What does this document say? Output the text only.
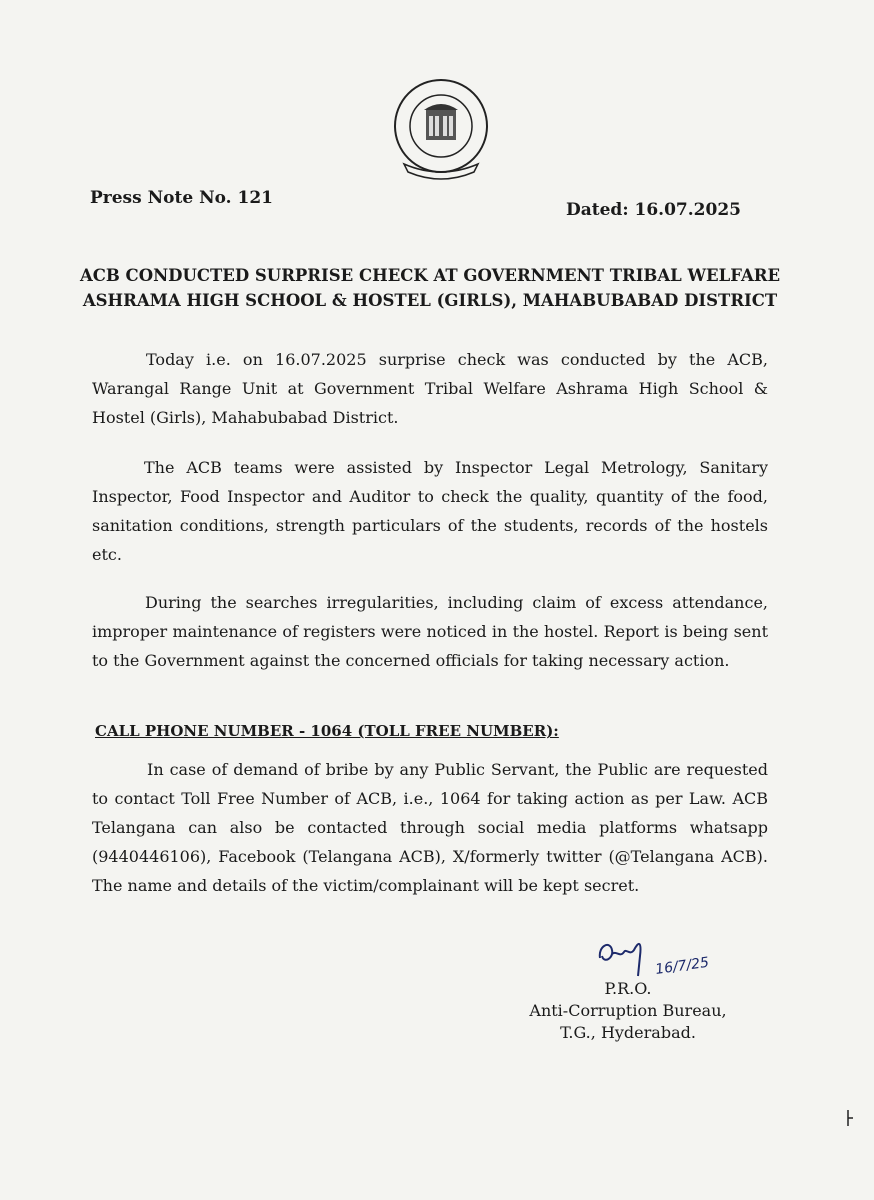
Press Note No. 121
Dated: 16.07.2025
ACB CONDUCTED SURPRISE CHECK AT GOVERNMENT TRIBAL WELFARE
ASHRAMA HIGH SCHOOL & HOSTEL (GIRLS), MAHABUBABAD DISTRICT

Today i.e. on 16.07.2025 surprise check was conducted by the ACB, Warangal Range Unit at Government Tribal Welfare Ashrama High School & Hostel (Girls), Mahabubabad District.

The ACB teams were assisted by Inspector Legal Metrology, Sanitary Inspector, Food Inspector and Auditor to check the quality, quantity of the food, sanitation conditions, strength particulars of the students, records of the hostels etc.

During the searches irregularities, including claim of excess attendance, improper maintenance of registers were noticed in the hostel. Report is being sent to the Government against the concerned officials for taking necessary action.

CALL PHONE NUMBER - 1064 (TOLL FREE NUMBER):

In case of demand of bribe by any Public Servant, the Public are requested to contact Toll Free Number of ACB, i.e., 1064 for taking action as per Law. ACB Telangana can also be contacted through social media platforms whatsapp (9440446106), Facebook (Telangana ACB), X/formerly twitter (@Telangana ACB). The name and details of the victim/complainant will be kept secret.

16/7/25
P.R.O.
Anti-Corruption Bureau,
T.G., Hyderabad.
